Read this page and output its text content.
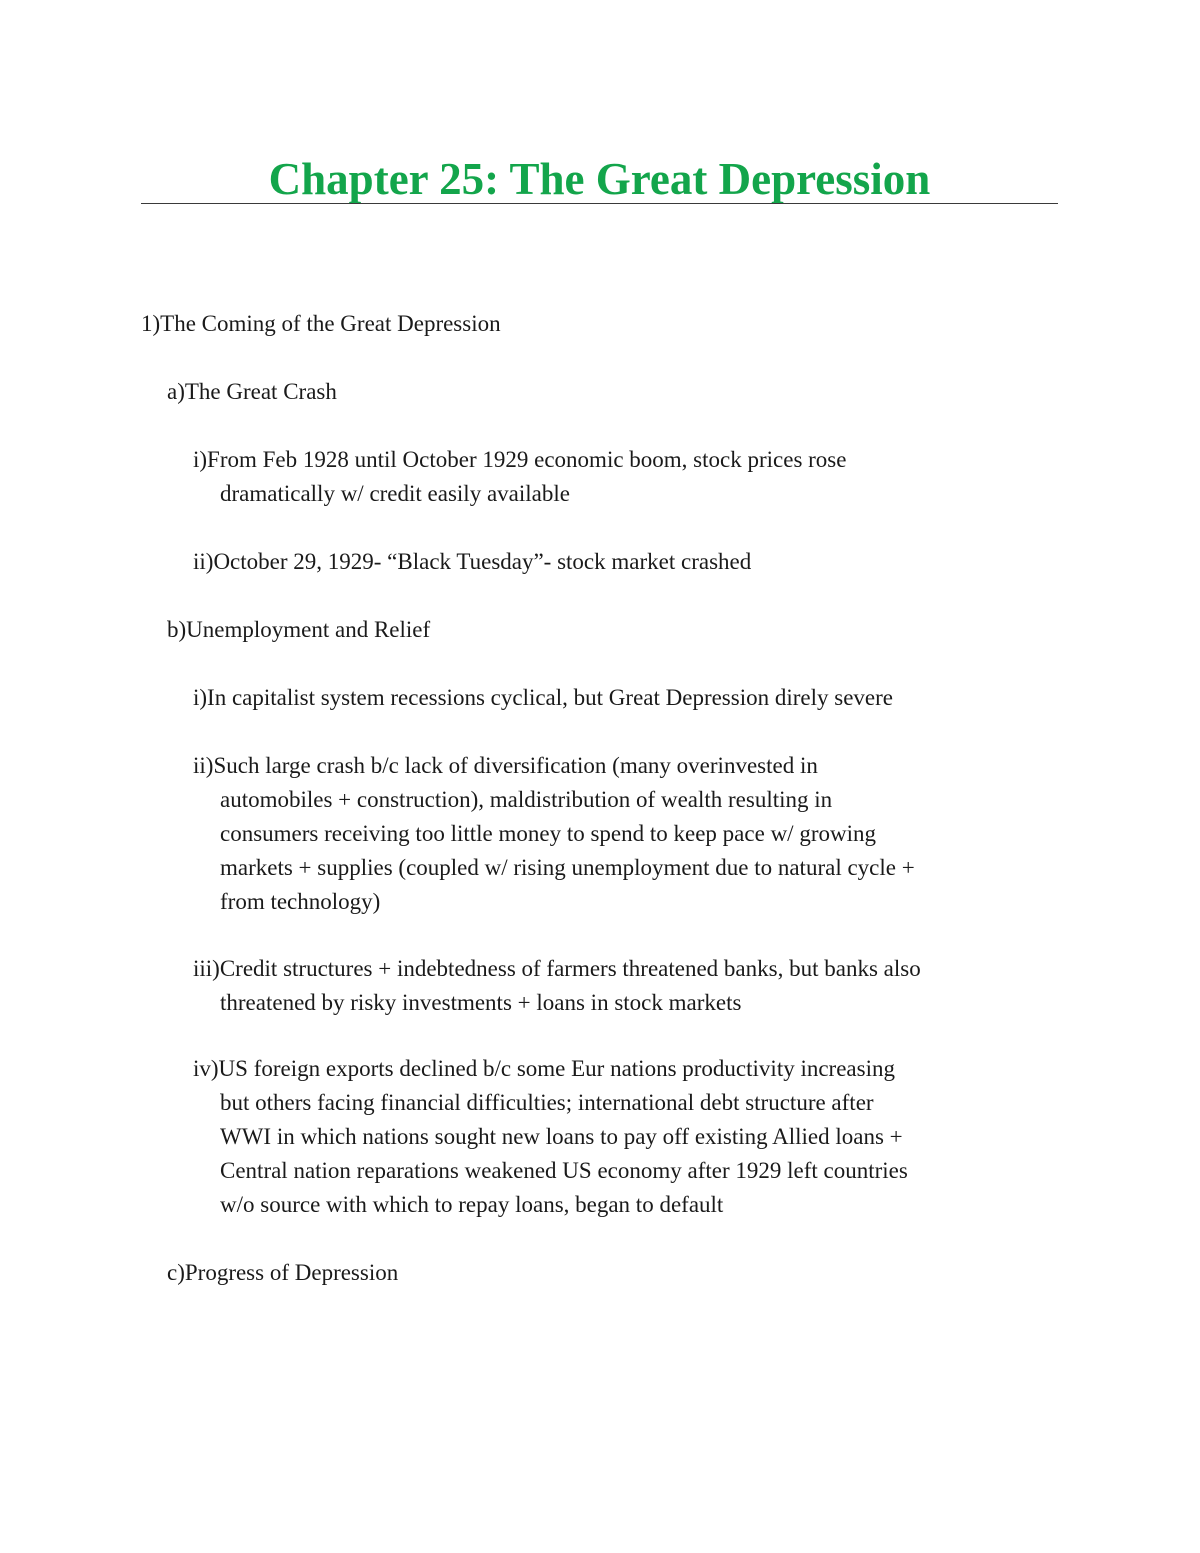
Chapter 25: The Great Depression

1)The Coming of the Great Depression

a)The Great Crash

i)From Feb 1928 until October 1929 economic boom, stock prices rose

dramatically w/ credit easily available

ii)October 29, 1929- “Black Tuesday”- stock market crashed

b)Unemployment and Relief

i)In capitalist system recessions cyclical, but Great Depression direly severe

ii)Such large crash b/c lack of diversification (many overinvested in

automobiles + construction), maldistribution of wealth resulting in

consumers receiving too little money to spend to keep pace w/ growing

markets + supplies (coupled w/ rising unemployment due to natural cycle +

from technology)

iii)Credit structures + indebtedness of farmers threatened banks, but banks also

threatened by risky investments + loans in stock markets

iv)US foreign exports declined b/c some Eur nations productivity increasing

but others facing financial difficulties; international debt structure after

WWI in which nations sought new loans to pay off existing Allied loans +

Central nation reparations weakened US economy after 1929 left countries

w/o source with which to repay loans, began to default

c)Progress of Depression
